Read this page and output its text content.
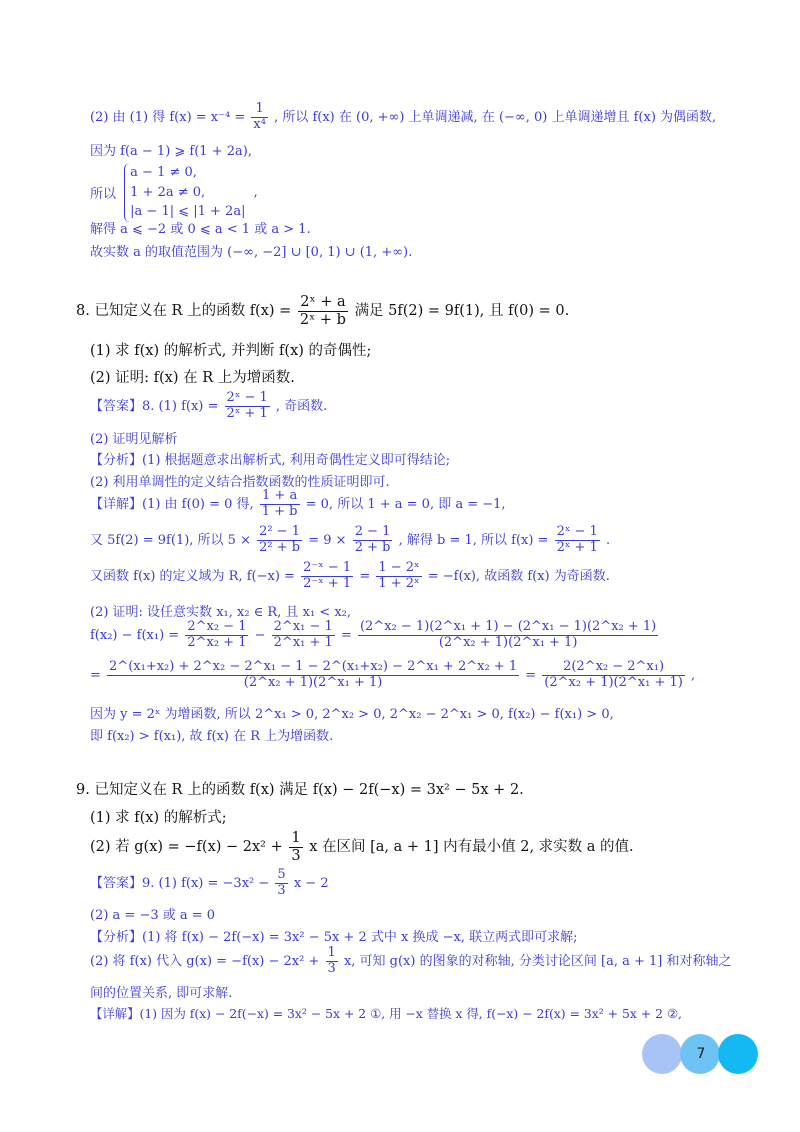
(2) 由 (1) 得 $f(x) = x^{-4} = \frac{1}{\text{x⁴}}$ , 所以 f(x) 在 (0, +∞) 上单调递减, 在 (−∞, 0) 上单调递增且 f(x) 为偶函数,
因为 f(a − 1) ⩾ f(1 + 2a),
所以
a − 1 ≠ 0,
1 + 2a ≠ 0,
|a − 1| ⩽ |1 + 2a|
,
解得 a ⩽ −2 或 0 ⩽ a < 1 或 a > 1.
故实数 a 的取值范围为 (−∞, −2] ∪ [0, 1) ∪ (1, +∞).
8. 已知定义在 R 上的函数 $f(x) = \frac{\text{2ˣ + a}}{\text{2ˣ + b}}$ 满足 5f(2) = 9f(1), 且 f(0) = 0.
(1) 求 f(x) 的解析式, 并判断 f(x) 的奇偶性;
(2) 证明: f(x) 在 R 上为增函数.
【答案】8. (1) $f(x) = \frac{\text{2ˣ − 1}}{\text{2ˣ + 1}}$ , 奇函数.
(2) 证明见解析
【分析】(1) 根据题意求出解析式, 利用奇偶性定义即可得结论;
(2) 利用单调性的定义结合指数函数的性质证明即可.
【详解】(1) 由 f(0) = 0 得, $\frac{1 + a}{1 + b} = 0$, 所以 1 + a = 0, 即 a = −1,
又 5f(2) = 9f(1), 所以 $5 \times \frac{\text{2² − 1}}{\text{2² + b}} = 9 \times \frac{2 - 1}{2 + b}$ , 解得 b = 1, 所以 $f(x) = \frac{\text{2ˣ − 1}}{\text{2ˣ + 1}}$ .
又函数 f(x) 的定义域为 R, $f(-x) = \frac{\text{2⁻ˣ − 1}}{\text{2⁻ˣ + 1}} = \frac{\text{1 − 2ˣ}}{\text{1 + 2ˣ}} = -f(x)$, 故函数 f(x) 为奇函数.
(2) 证明: 设任意实数 x₁, x₂ ∈ R, 且 x₁ < x₂,
$f(x_2) - f(x_1) = \frac{\text{2\textasciicircum{}x₂ − 1}}{\text{2\textasciicircum{}x₂ + 1}} - \frac{\text{2\textasciicircum{}x₁ − 1}}{\text{2\textasciicircum{}x₁ + 1}} = \frac{\text{(2\textasciicircum{}x₂ − 1)(2\textasciicircum{}x₁ + 1) − (2\textasciicircum{}x₁ − 1)(2\textasciicircum{}x₂ + 1)}}{\text{(2\textasciicircum{}x₂ + 1)(2\textasciicircum{}x₁ + 1)}}$
= $\frac{\text{2\textasciicircum{}(x₁+x₂) + 2\textasciicircum{}x₂ − 2\textasciicircum{}x₁ − 1 − 2\textasciicircum{}(x₁+x₂) − 2\textasciicircum{}x₁ + 2\textasciicircum{}x₂ + 1}}{\text{(2\textasciicircum{}x₂ + 1)(2\textasciicircum{}x₁ + 1)}} = \frac{\text{2(2\textasciicircum{}x₂ − 2\textasciicircum{}x₁)}}{\text{(2\textasciicircum{}x₂ + 1)(2\textasciicircum{}x₁ + 1)}}$ ,
因为 y = 2ˣ 为增函数, 所以 2^x₁ > 0, 2^x₂ > 0, 2^x₂ − 2^x₁ > 0, f(x₂) − f(x₁) > 0,
即 f(x₂) > f(x₁), 故 f(x) 在 R 上为增函数.
9. 已知定义在 R 上的函数 f(x) 满足 f(x) − 2f(−x) = 3x² − 5x + 2.
(1) 求 f(x) 的解析式;
(2) 若 $g(x) = -f(x) - 2x^2 + \frac{1}{3}$ x 在区间 [a, a + 1] 内有最小值 2, 求实数 a 的值.
【答案】9. (1) $f(x) = -3x^2 - \frac{5}{3}$ x − 2
(2) a = −3 或 a = 0
【分析】(1) 将 f(x) − 2f(−x) = 3x² − 5x + 2 式中 x 换成 −x, 联立两式即可求解;
(2) 将 f(x) 代入 $g(x) = -f(x) - 2x^2 + \frac{1}{3} x$, 可知 g(x) 的图象的对称轴, 分类讨论区间 [a, a + 1] 和对称轴之
间的位置关系, 即可求解.
【详解】(1) 因为 f(x) − 2f(−x) = 3x² − 5x + 2 ①, 用 −x 替换 x 得, f(−x) − 2f(x) = 3x² + 5x + 2 ②,
7
